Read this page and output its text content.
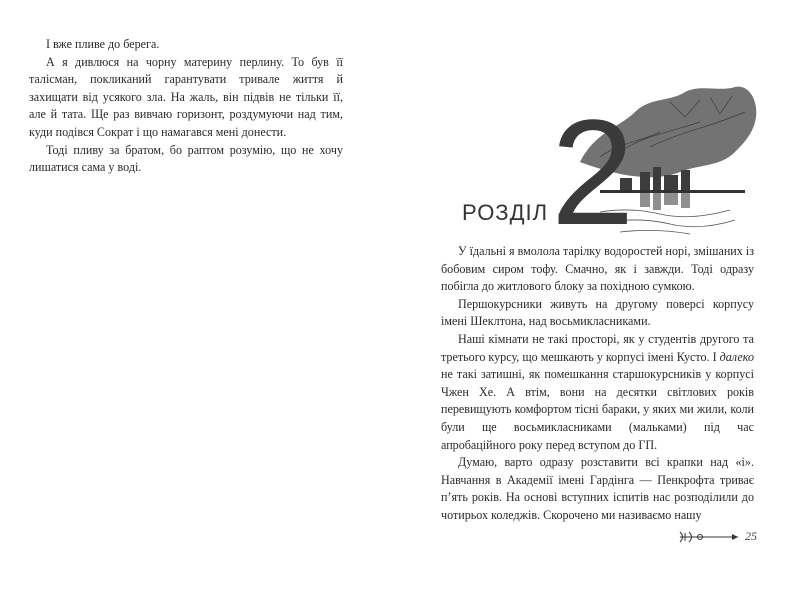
І вже пливе до берега.

А я дивлюся на чорну материну перлину. То був її талісман, покликаний гарантувати тривале життя й захищати від усякого зла. На жаль, він підвів не тільки її, але й тата. Ще раз вивчаю горизонт, роздумуючи над тим, куди подівся Сократ і що намагався мені донести.

Тоді пливу за братом, бо раптом розумію, що не хочу лишатися сама у воді.	2
РОЗДІЛ

У їдальні я вмолола тарілку водоростей норі, змішаних із бобовим сиром тофу. Смачно, як і завжди. Тоді одразу побігла до житлового блоку за похідною сумкою.

Першокурсники живуть на другому поверсі корпусу імені Шеклтона, над восьмикласниками.

Наші кімнати не такі просторі, як у студентів другого та третього курсу, що мешкають у корпусі імені Кусто. І далеко не такі затишні, як помешкання старшокурсників у корпусі Чжен Хе. А втім, вони на десятки світлових років перевищують комфортом тісні бараки, у яких ми жили, коли були ще восьмикласниками (мальками) під час апробаційного року перед вступом до ГП.

Думаю, варто одразу розставити всі крапки над «і». Навчання в Академії імені Гардінга — Пенкрофта триває п’ять років. На основі вступних іспитів нас розподілили до чотирьох коледжів. Скорочено ми називаємо нашу

25
